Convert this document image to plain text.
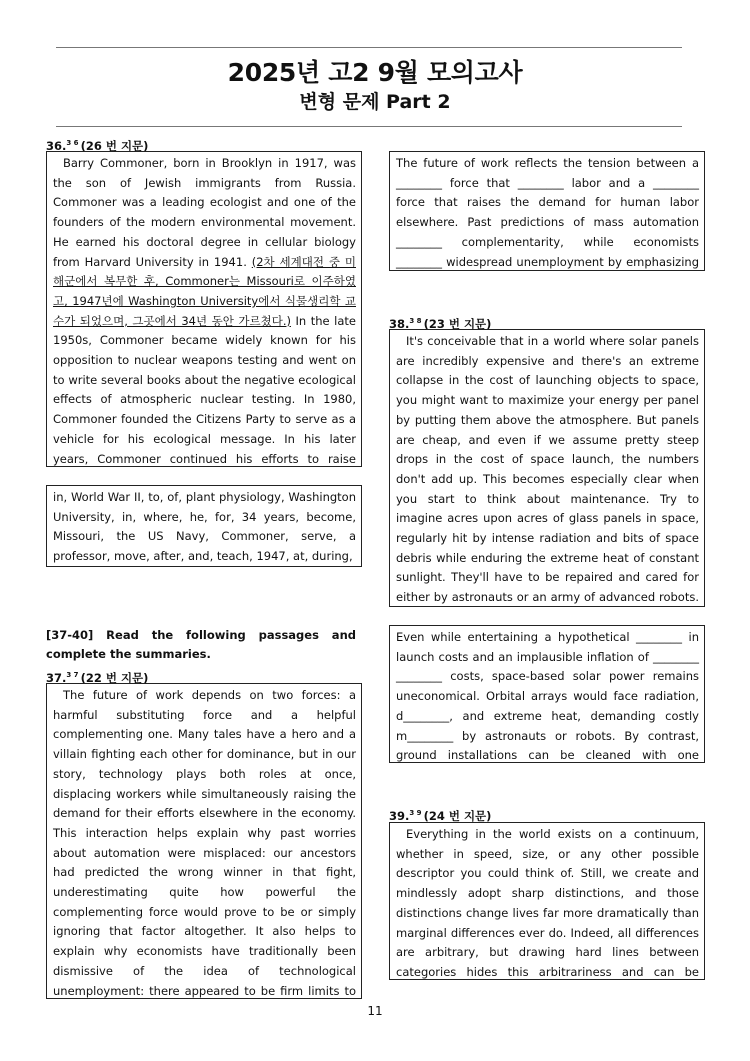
2025년 고2 9월 모의고사
변형 문제 Part 2
36.$^{3 6}$ (26 번 지문)

Barry Commoner, born in Brooklyn in 1917, was the son of Jewish immigrants from Russia. Commoner was a leading ecologist and one of the founders of the modern environmental movement. He earned his doctoral degree in cellular biology from Harvard University in 1941. (2차 세계대전 중 미 해군에서 복무한 후, Commoner는 Missouri로 이주하였고, 1947년에 Washington University에서 식물생리학 교수가 되었으며, 그곳에서 34년 동안 가르쳤다.) In the late 1950s, Commoner became widely known for his opposition to nuclear weapons testing and went on to write several books about the negative ecological effects of atmospheric nuclear testing. In 1980, Commoner founded the Citizens Party to serve as a vehicle for his ecological message. In his later years, Commoner continued his efforts to raise

in, World War II, to, of, plant physiology, Washington University, in, where, he, for, 34 years, become, Missouri, the US Navy, Commoner, serve, a professor, move, after, and, teach, 1947, at, during,

The future of work reflects the tension between a ________ force that ________ labor and a ________ force that raises the demand for human labor elsewhere. Past predictions of mass automation ________ complementarity, while economists ________ widespread unemployment by emphasizing

38.$^{3 8}$ (23 번 지문)

It's conceivable that in a world where solar panels are incredibly expensive and there's an extreme collapse in the cost of launching objects to space, you might want to maximize your energy per panel by putting them above the atmosphere. But panels are cheap, and even if we assume pretty steep drops in the cost of space launch, the numbers don't add up. This becomes especially clear when you start to think about maintenance. Try to imagine acres upon acres of glass panels in space, regularly hit by intense radiation and bits of space debris while enduring the extreme heat of constant sunlight. They'll have to be repaired and cared for either by astronauts or an army of advanced robots.

Even while entertaining a hypothetical ________ in launch costs and an implausible inflation of ________ ________ costs, space-based solar power remains uneconomical. Orbital arrays would face radiation, d________, and extreme heat, demanding costly m________ by astronauts or robots. By contrast, ground installations can be cleaned with one

[37-40] Read the following passages and complete the summaries.
37.$^{3 7}$ (22 번 지문)

The future of work depends on two forces: a harmful substituting force and a helpful complementing one. Many tales have a hero and a villain fighting each other for dominance, but in our story, technology plays both roles at once, displacing workers while simultaneously raising the demand for their efforts elsewhere in the economy. This interaction helps explain why past worries about automation were misplaced: our ancestors had predicted the wrong winner in that fight, underestimating quite how powerful the complementing force would prove to be or simply ignoring that factor altogether. It also helps to explain why economists have traditionally been dismissive of the idea of technological unemployment: there appeared to be firm limits to

39.$^{3 9}$ (24 번 지문)

Everything in the world exists on a continuum, whether in speed, size, or any other possible descriptor you could think of. Still, we create and mindlessly adopt sharp distinctions, and those distinctions change lives far more dramatically than marginal differences ever do. Indeed, all differences are arbitrary, but drawing hard lines between categories hides this arbitrariness and can be

11
